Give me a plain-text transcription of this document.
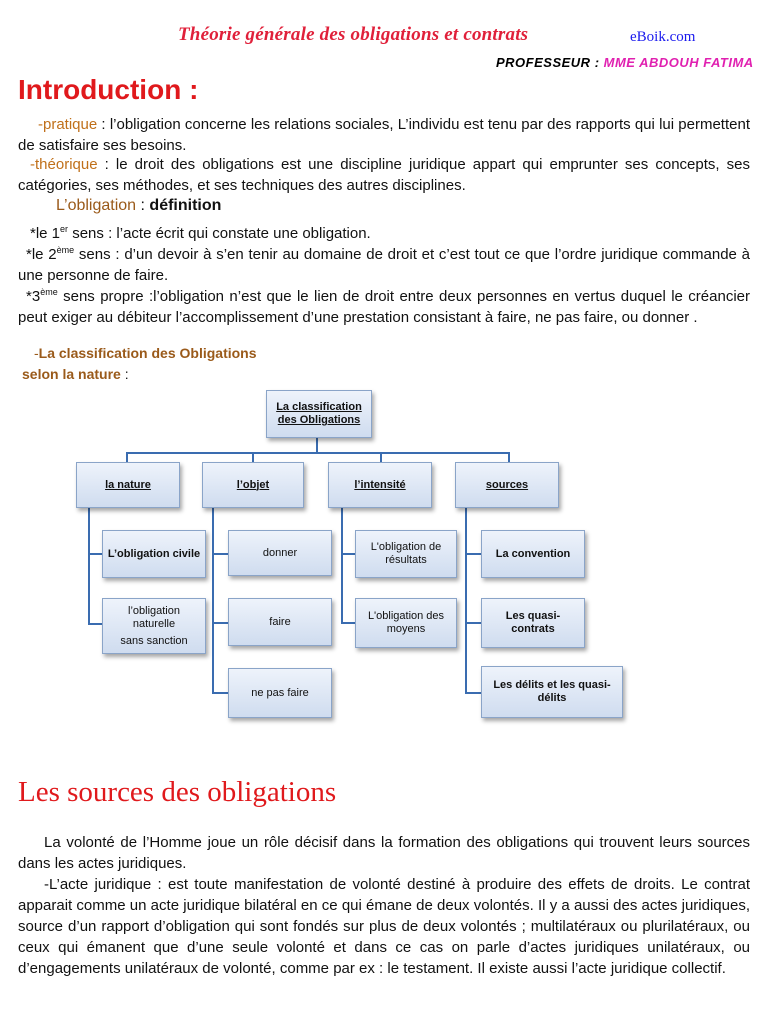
Théorie générale des obligations et contrats	eBoik.com
PROFESSEUR : MME ABDOUH FATIMA
Introduction :
-pratique : l’obligation concerne les relations sociales, L’individu est tenu par des rapports qui lui permettent de satisfaire ses besoins.
-théorique : le droit des obligations est une discipline juridique appart qui emprunter ses concepts, ses catégories, ses méthodes, et ses techniques des autres disciplines.
L’obligation : définition
*le 1er sens : l’acte écrit qui constate une obligation.
*le 2ème sens : d’un devoir à s’en tenir au domaine de droit et c’est tout ce que l’ordre juridique commande à une personne de faire.
*3ème sens propre :l’obligation n’est que le lien de droit entre deux personnes en vertus duquel le créancier peut exiger au débiteur l’accomplissement d’une prestation consistant à faire, ne pas faire, ou donner .
-La classification des Obligations
selon la nature :
La classification des Obligations
la nature	l’objet	l’intensité	sources
L’obligation civile
l’obligation naturelle
sans sanction
donner
faire
ne pas faire
L'obligation de résultats
L'obligation des moyens
La convention
Les quasi-contrats
Les délits et les quasi-délits
Les sources des obligations
La volonté de l’Homme joue un rôle décisif dans la formation des obligations qui trouvent leurs sources dans les actes juridiques.
-L’acte juridique : est toute manifestation de volonté destiné à produire des effets de droits. Le contrat apparait comme un acte juridique bilatéral en ce qui émane de deux volontés. Il y a aussi des actes juridiques, source d’un rapport d’obligation qui sont fondés sur plus de deux volontés ; multilatéraux ou plurilatéraux, ou ceux qui émanent que d’une seule volonté et dans ce cas on parle d’actes juridiques unilatéraux, ou d’engagements unilatéraux de volonté, comme par ex : le testament. Il existe aussi l’acte juridique collectif.
